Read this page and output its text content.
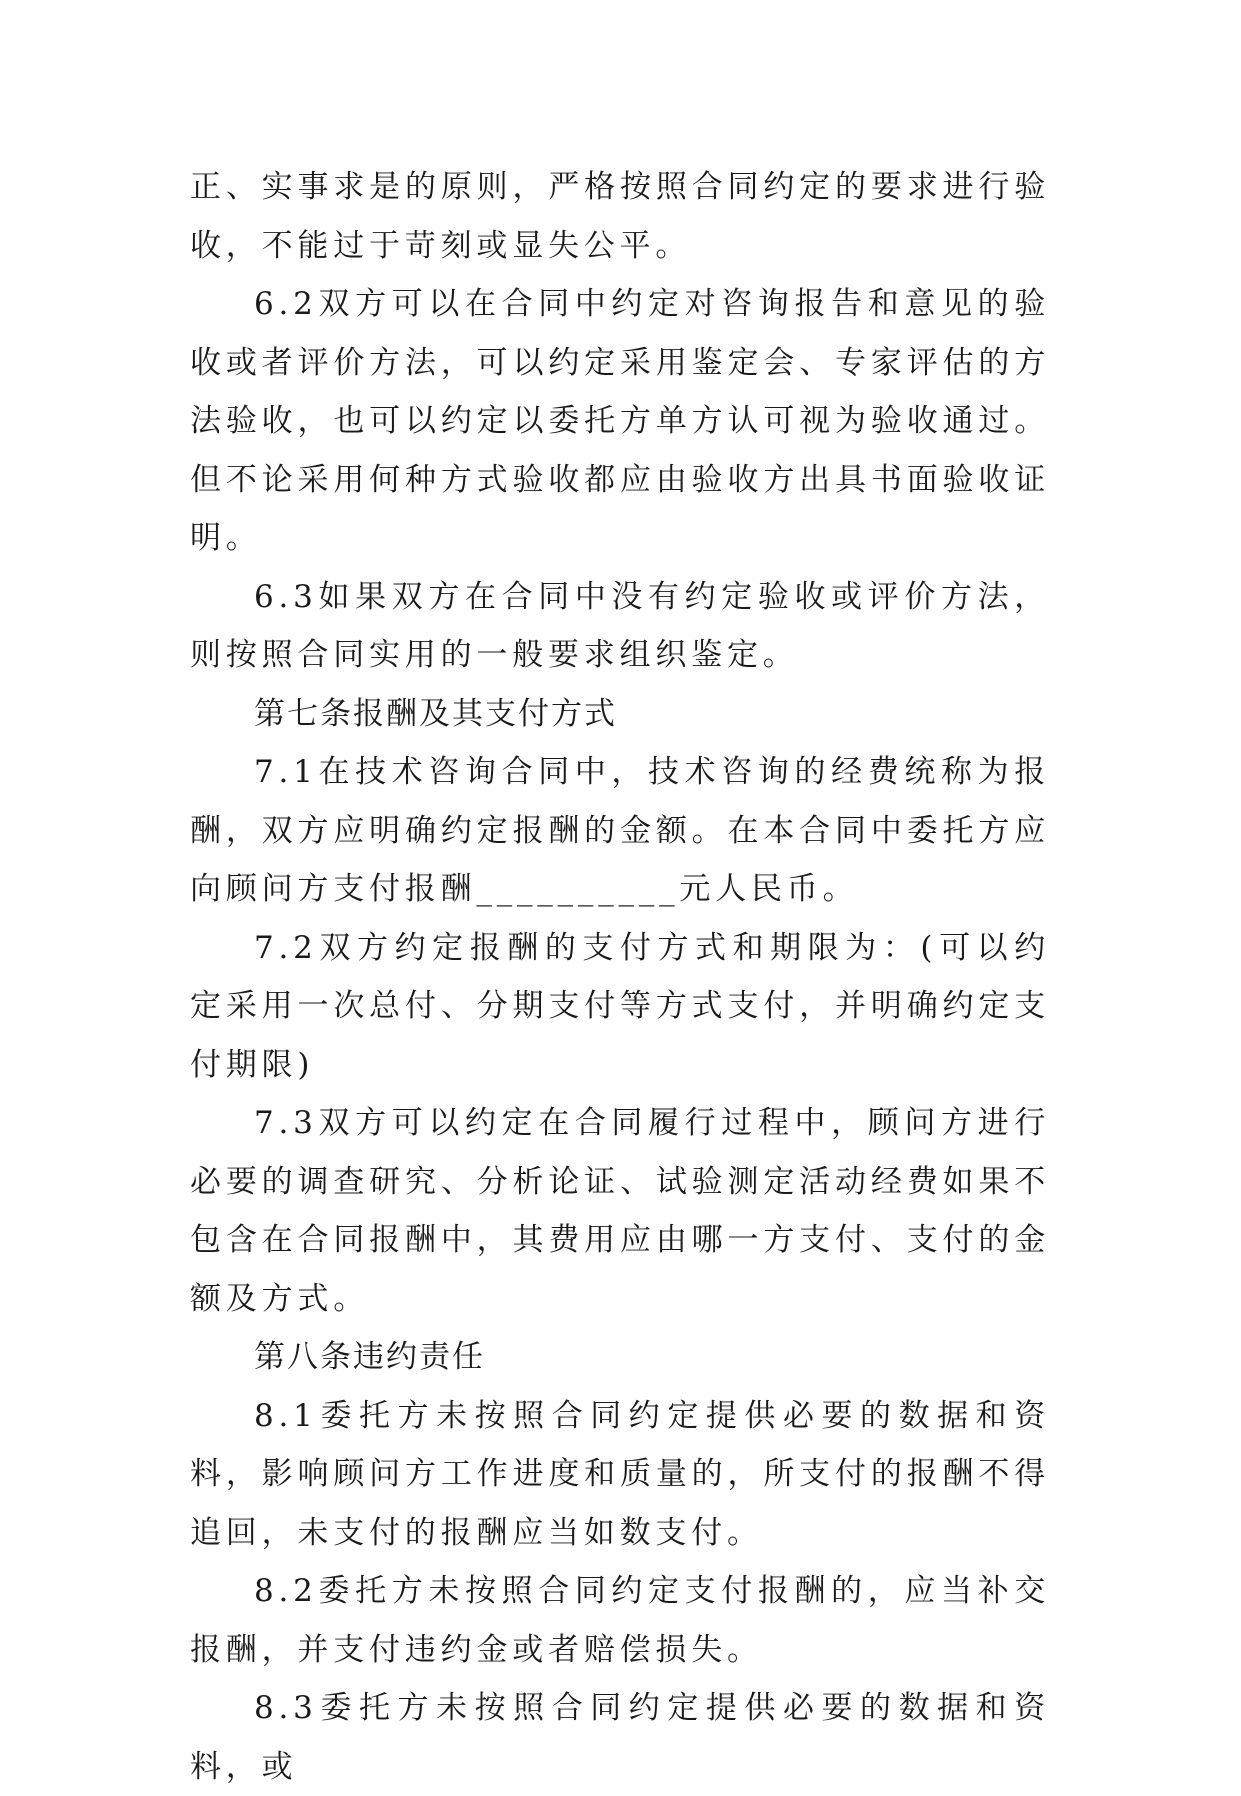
正、实事求是的原则，严格按照合同约定的要求进行验收，不能过于苛刻或显失公平。

6.2双方可以在合同中约定对咨询报告和意见的验收或者评价方法，可以约定采用鉴定会、专家评估的方法验收，也可以约定以委托方单方认可视为验收通过。但不论采用何种方式验收都应由验收方出具书面验收证明。

6.3如果双方在合同中没有约定验收或评价方法，则按照合同实用的一般要求组织鉴定。

第七条报酬及其支付方式

7.1在技术咨询合同中，技术咨询的经费统称为报酬，双方应明确约定报酬的金额。在本合同中委托方应向顾问方支付报酬__________元人民币。

7.2双方约定报酬的支付方式和期限为：(可以约定采用一次总付、分期支付等方式支付，并明确约定支付期限)

7.3双方可以约定在合同履行过程中，顾问方进行必要的调查研究、分析论证、试验测定活动经费如果不包含在合同报酬中，其费用应由哪一方支付、支付的金额及方式。

第八条违约责任

8.1委托方未按照合同约定提供必要的数据和资料，影响顾问方工作进度和质量的，所支付的报酬不得追回，未支付的报酬应当如数支付。

8.2委托方未按照合同约定支付报酬的，应当补交报酬，并支付违约金或者赔偿损失。

8.3委托方未按照合同约定提供必要的数据和资料，或
